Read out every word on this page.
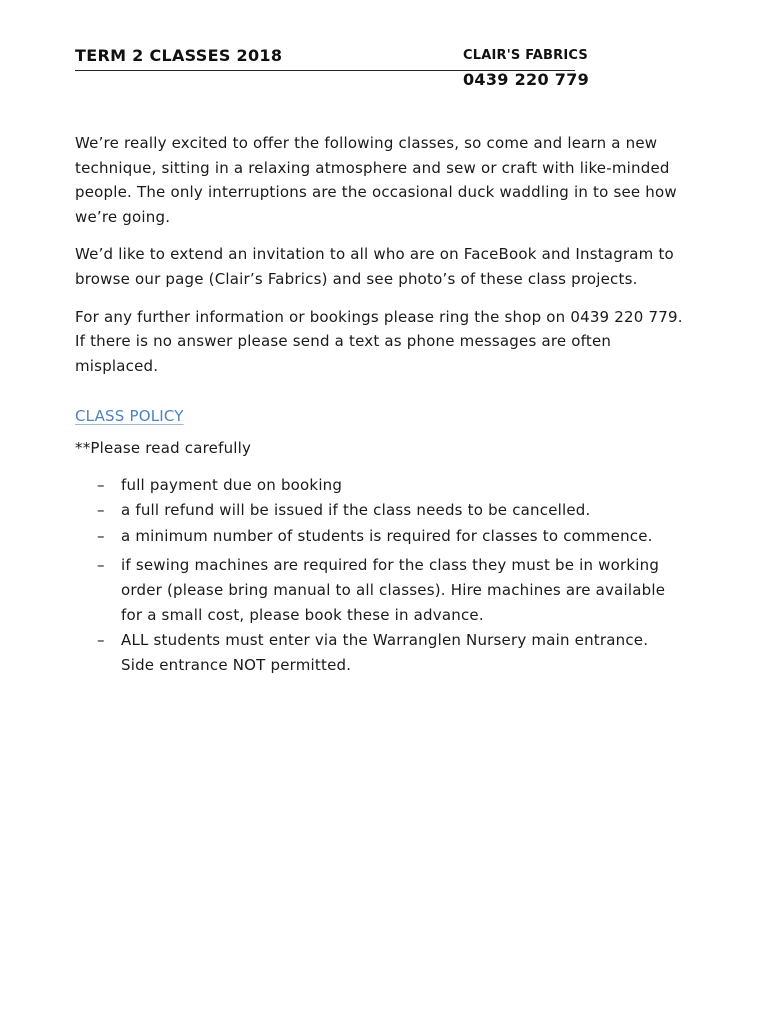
TERM 2 CLASSES 2018	CLAIR'S FABRICS
0439 220 779

We’re really excited to offer the following classes, so come and learn a new technique, sitting in a relaxing atmosphere and sew or craft with like-minded people. The only interruptions are the occasional duck waddling in to see how we’re going.

We’d like to extend an invitation to all who are on FaceBook and Instagram to browse our page (Clair’s Fabrics) and see photo’s of these class projects.

For any further information or bookings please ring the shop on 0439 220 779. If there is no answer please send a text as phone messages are often misplaced.

CLASS POLICY
**Please read carefully
–	full payment due on booking
–	a full refund will be issued if the class needs to be cancelled.
–	a minimum number of students is required for classes to commence.
–	if sewing machines are required for the class they must be in working order (please bring manual to all classes). Hire machines are available for a small cost, please book these in advance.
–	ALL students must enter via the Warranglen Nursery main entrance. Side entrance NOT permitted.
